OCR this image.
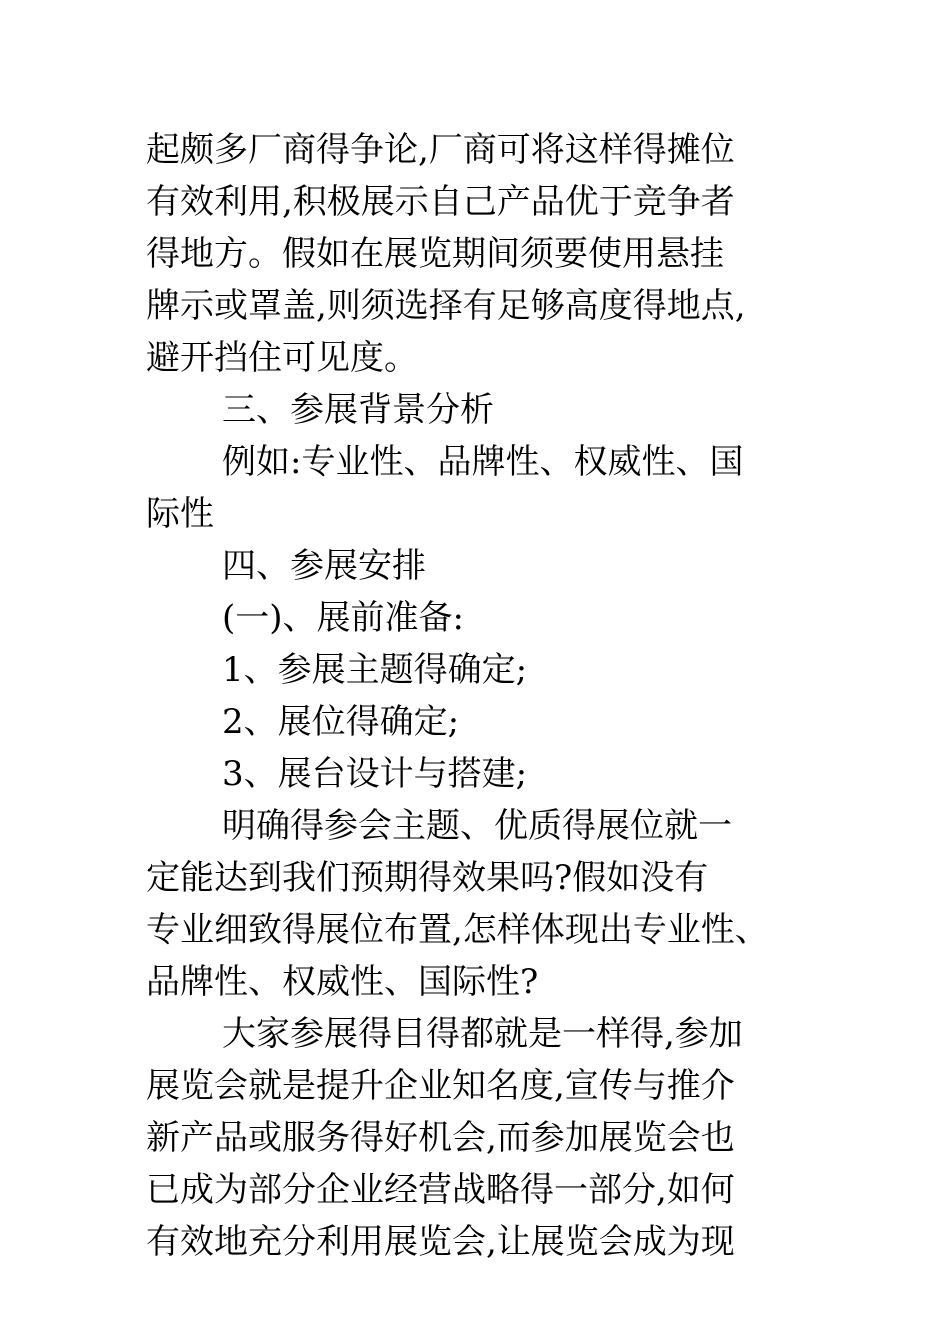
起颇多厂商得争论,厂商可将这样得摊位
有效利用,积极展示自己产品优于竞争者
得地方。假如在展览期间须要使用悬挂
牌示或罩盖,则须选择有足够高度得地点,
避开挡住可见度。
三、参展背景分析
例如:专业性、品牌性、权威性、国
际性
四、参展安排
(一)、展前准备:
1、参展主题得确定;
2、展位得确定;
3、展台设计与搭建;
明确得参会主题、优质得展位就一
定能达到我们预期得效果吗?假如没有
专业细致得展位布置,怎样体现出专业性、
品牌性、权威性、国际性?
大家参展得目得都就是一样得,参加
展览会就是提升企业知名度,宣传与推介
新产品或服务得好机会,而参加展览会也
已成为部分企业经营战略得一部分,如何
有效地充分利用展览会,让展览会成为现
